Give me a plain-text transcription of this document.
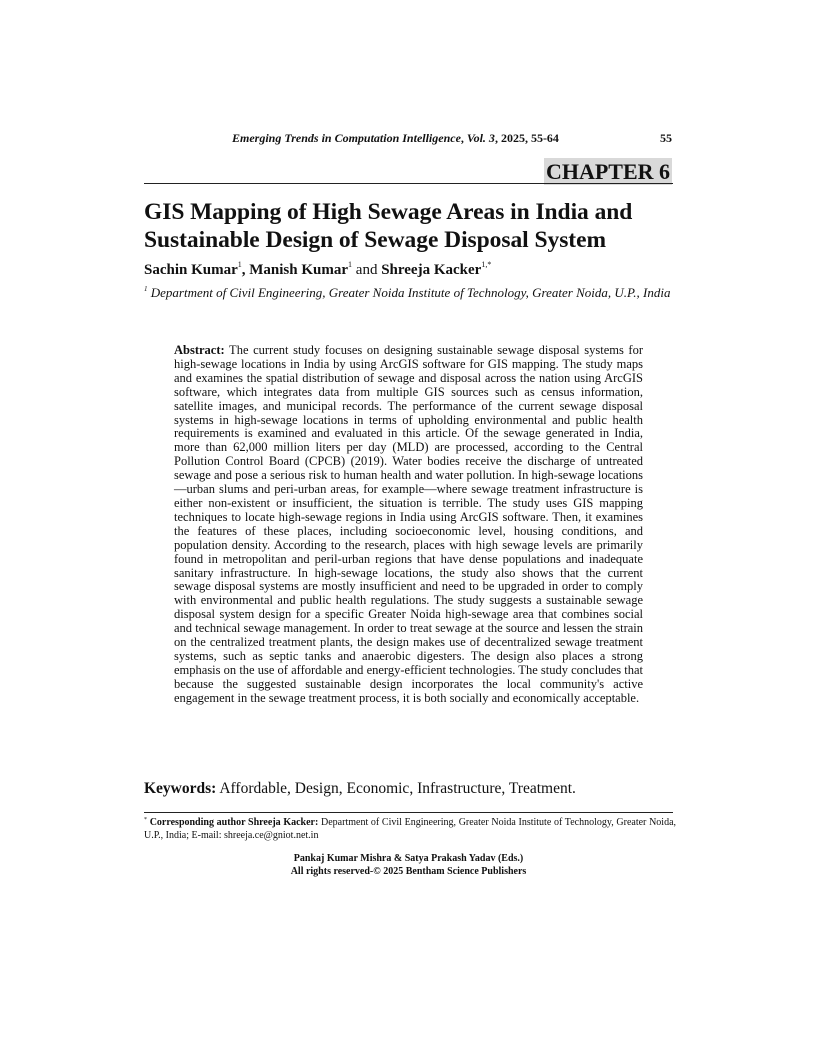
Emerging Trends in Computation Intelligence, Vol. 3, 2025, 55-64	55
CHAPTER 6
GIS Mapping of High Sewage Areas in India and
Sustainable Design of Sewage Disposal System
Sachin Kumar$^1$, Manish Kumar$^1$ and Shreeja Kacker$^{1,*}$
$^1$ Department of Civil Engineering, Greater Noida Institute of Technology, Greater Noida, U.P., India

Abstract: The current study focuses on designing sustainable sewage disposal systems for high-sewage locations in India by using ArcGIS software for GIS mapping. The study maps and examines the spatial distribution of sewage and disposal across the nation using ArcGIS software, which integrates data from multiple GIS sources such as census information, satellite images, and municipal records. The performance of the current sewage disposal systems in high-sewage locations in terms of upholding environmental and public health requirements is examined and evaluated in this article. Of the sewage generated in India, more than 62,000 million liters per day (MLD) are processed, according to the Central Pollution Control Board (CPCB) (2019). Water bodies receive the discharge of untreated sewage and pose a serious risk to human health and water pollution. In high-sewage locations—urban slums and peri-urban areas, for example—where sewage treatment infrastructure is either non-existent or insufficient, the situation is terrible. The study uses GIS mapping techniques to locate high-sewage regions in India using ArcGIS software. Then, it examines the features of these places, including socioeconomic level, housing conditions, and population density. According to the research, places with high sewage levels are primarily found in metropolitan and peril-urban regions that have dense populations and inadequate sanitary infrastructure. In high-sewage locations, the study also shows that the current sewage disposal systems are mostly insufficient and need to be upgraded in order to comply with environmental and public health regulations. The study suggests a sustainable sewage disposal system design for a specific Greater Noida high-sewage area that combines social and technical sewage management. In order to treat sewage at the source and lessen the strain on the centralized treatment plants, the design makes use of decentralized sewage treatment systems, such as septic tanks and anaerobic digesters. The design also places a strong emphasis on the use of affordable and energy-efficient technologies. The study concludes that because the suggested sustainable design incorporates the local community's active engagement in the sewage treatment process, it is both socially and economically acceptable.

Keywords: Affordable, Design, Economic, Infrastructure, Treatment.
* Corresponding author Shreeja Kacker: Department of Civil Engineering, Greater Noida Institute of Technology, Greater Noida, U.P., India; E-mail: shreeja.ce@gniot.net.in
Pankaj Kumar Mishra & Satya Prakash Yadav (Eds.)
All rights reserved-© 2025 Bentham Science Publishers
